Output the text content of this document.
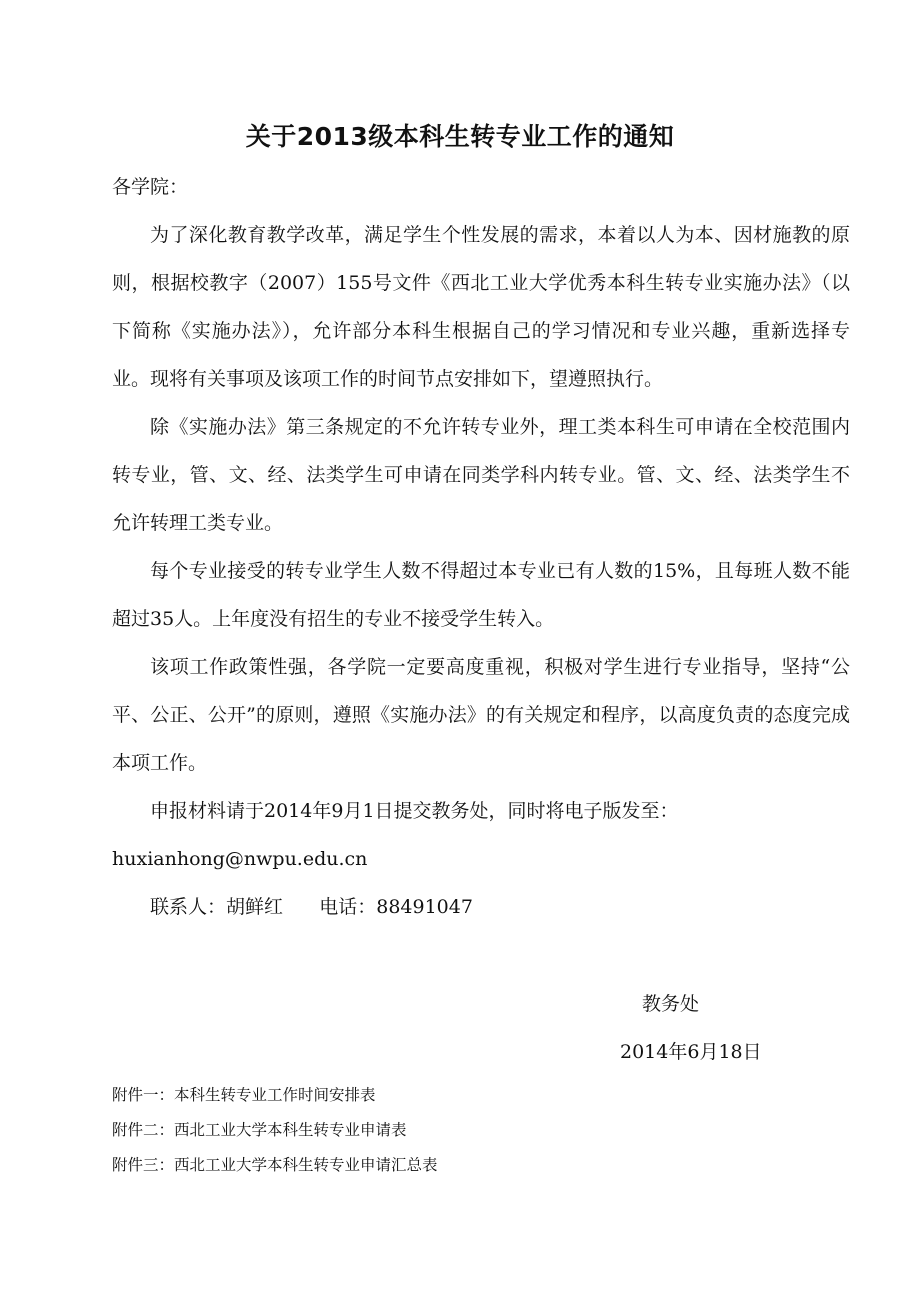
关于2013级本科生转专业工作的通知
各学院：

为了深化教育教学改革，满足学生个性发展的需求，本着以人为本、因材施教的原则，根据校教字（2007）155号文件《西北工业大学优秀本科生转专业实施办法》（以下简称《实施办法》），允许部分本科生根据自己的学习情况和专业兴趣，重新选择专业。现将有关事项及该项工作的时间节点安排如下，望遵照执行。

除《实施办法》第三条规定的不允许转专业外，理工类本科生可申请在全校范围内转专业，管、文、经、法类学生可申请在同类学科内转专业。管、文、经、法类学生不允许转理工类专业。

每个专业接受的转专业学生人数不得超过本专业已有人数的15%，且每班人数不能超过35人。上年度没有招生的专业不接受学生转入。

该项工作政策性强，各学院一定要高度重视，积极对学生进行专业指导，坚持“公平、公正、公开”的原则，遵照《实施办法》的有关规定和程序，以高度负责的态度完成本项工作。

申报材料请于2014年9月1日提交教务处，同时将电子版发至：

huxianhong@nwpu.edu.cn

联系人：胡鲜红      电话：88491047

教务处
2014年6月18日
附件一：本科生转专业工作时间安排表
附件二：西北工业大学本科生转专业申请表
附件三：西北工业大学本科生转专业申请汇总表
